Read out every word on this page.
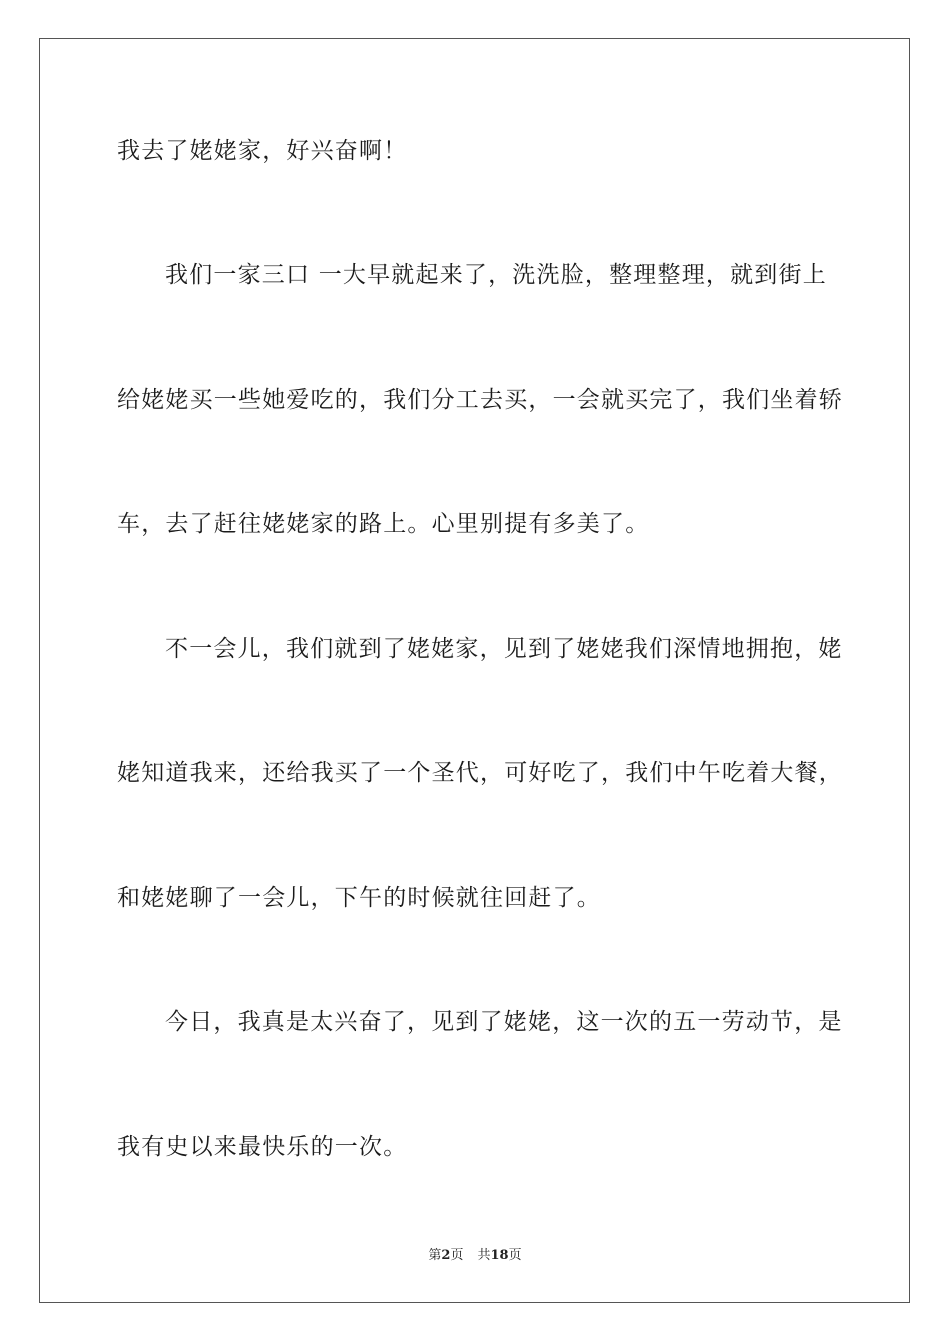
我去了姥姥家，好兴奋啊！
我们一家三口 一大早就起来了，洗洗脸，整理整理，就到街上
给姥姥买一些她爱吃的，我们分工去买，一会就买完了，我们坐着轿
车，去了赶往姥姥家的路上。心里别提有多美了。
不一会儿，我们就到了姥姥家，见到了姥姥我们深情地拥抱，姥
姥知道我来，还给我买了一个圣代，可好吃了，我们中午吃着大餐，
和姥姥聊了一会儿，下午的时候就往回赶了。
今日，我真是太兴奋了，见到了姥姥，这一次的五一劳动节，是
我有史以来最快乐的一次。
第2页 共18页
